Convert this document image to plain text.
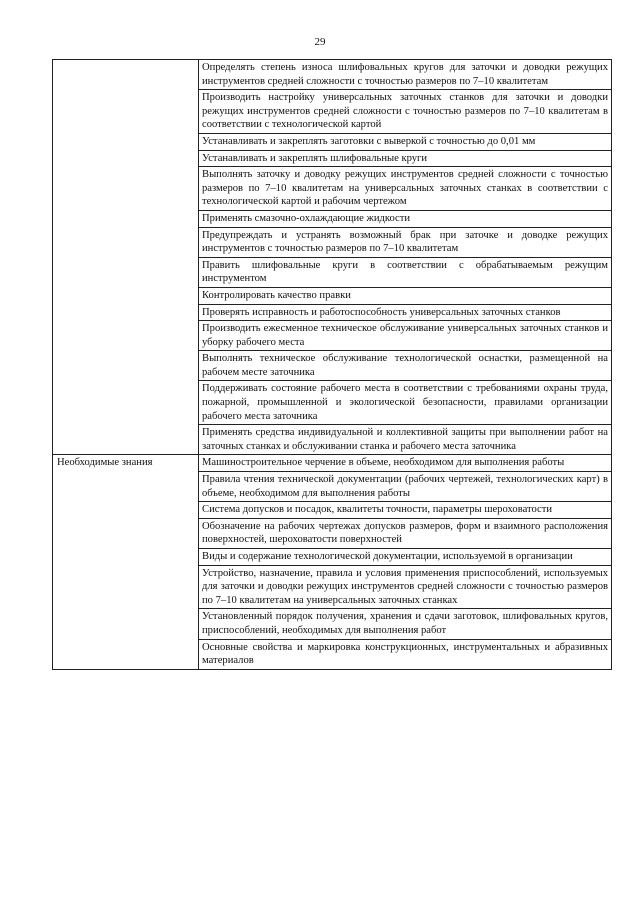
29
	Определять степень износа шлифовальных кругов для заточки и доводки режущих инструментов средней сложности с точностью размеров по 7–10 квалитетам
	Производить настройку универсальных заточных станков для заточки и доводки режущих инструментов средней сложности с точностью размеров по 7–10 квалитетам в соответствии с технологической картой
	Устанавливать и закреплять заготовки с выверкой с точностью до 0,01 мм
	Устанавливать и закреплять шлифовальные круги
	Выполнять заточку и доводку режущих инструментов средней сложности с точностью размеров по 7–10 квалитетам на универсальных заточных станках в соответствии с технологической картой и рабочим чертежом
	Применять смазочно-охлаждающие жидкости
	Предупреждать и устранять возможный брак при заточке и доводке режущих инструментов с точностью размеров по 7–10 квалитетам
	Править шлифовальные круги в соответствии с обрабатываемым режущим инструментом
	Контролировать качество правки
	Проверять исправность и работоспособность универсальных заточных станков
	Производить ежесменное техническое обслуживание универсальных заточных станков и уборку рабочего места
	Выполнять техническое обслуживание технологической оснастки, размещенной на рабочем месте заточника
	Поддерживать состояние рабочего места в соответствии с требованиями охраны труда, пожарной, промышленной и экологической безопасности, правилами организации рабочего места заточника
	Применять средства индивидуальной и коллективной защиты при выполнении работ на заточных станках и обслуживании станка и рабочего места заточника
Необходимые знания	Машиностроительное черчение в объеме, необходимом для выполнения работы
	Правила чтения технической документации (рабочих чертежей, технологических карт) в объеме, необходимом для выполнения работы
	Система допусков и посадок, квалитеты точности, параметры шероховатости
	Обозначение на рабочих чертежах допусков размеров, форм и взаимного расположения поверхностей, шероховатости поверхностей
	Виды и содержание технологической документации, используемой в организации
	Устройство, назначение, правила и условия применения приспособлений, используемых для заточки и доводки режущих инструментов средней сложности с точностью размеров по 7–10 квалитетам на универсальных заточных станках
	Установленный порядок получения, хранения и сдачи заготовок, шлифовальных кругов, приспособлений, необходимых для выполнения работ
	Основные свойства и маркировка конструкционных, инструментальных и абразивных материалов
